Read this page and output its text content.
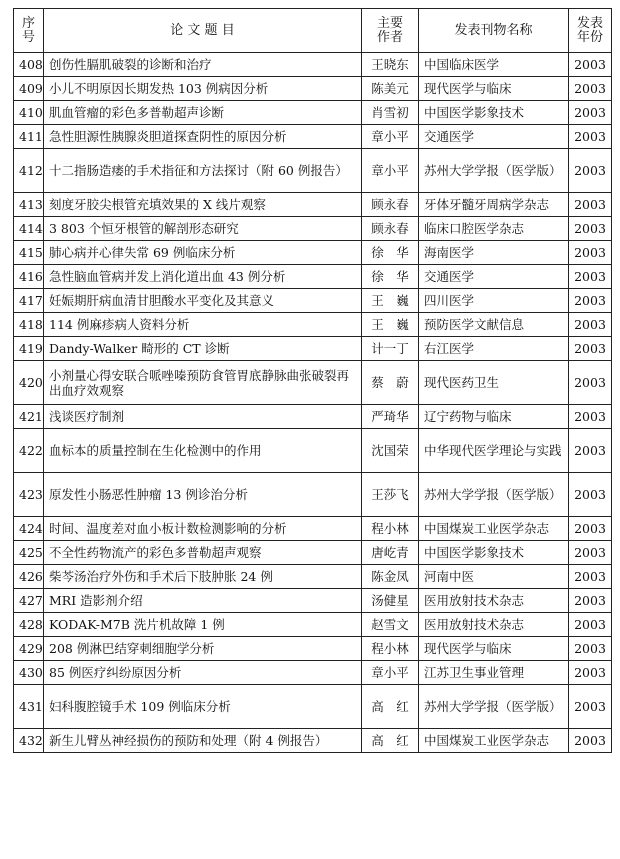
序号	论 文 题 目	主要作者	发表刊物名称	发表年份
408	创伤性膈肌破裂的诊断和治疗	王晓东	中国临床医学	2003
409	小儿不明原因长期发热 103 例病因分析	陈美元	现代医学与临床	2003
410	肌血管瘤的彩色多普勒超声诊断	肖雪初	中国医学影象技术	2003
411	急性胆源性胰腺炎胆道探查阴性的原因分析	章小平	交通医学	2003
412	十二指肠造瘘的手术指征和方法探讨（附 60 例报告）	章小平	苏州大学学报（医学版）	2003
413	刻度牙胶尖根管充填效果的 X 线片观察	顾永春	牙体牙髓牙周病学杂志	2003
414	3 803 个恒牙根管的解剖形态研究	顾永春	临床口腔医学杂志	2003
415	肺心病并心律失常 69 例临床分析	徐　华	海南医学	2003
416	急性脑血管病并发上消化道出血 43 例分析	徐　华	交通医学	2003
417	妊娠期肝病血清甘胆酸水平变化及其意义	王　巍	四川医学	2003
418	114 例麻疹病人资料分析	王　巍	预防医学文献信息	2003
419	Dandy-Walker 畸形的 CT 诊断	计一丁	右江医学	2003
420	小剂量心得安联合哌唑嗪预防食管胃底静脉曲张破裂再出血疗效观察	蔡　蔚	现代医药卫生	2003
421	浅谈医疗制剂	严琦华	辽宁药物与临床	2003
422	血标本的质量控制在生化检测中的作用	沈国荣	中华现代医学理论与实践	2003
423	原发性小肠恶性肿瘤 13 例诊治分析	王莎飞	苏州大学学报（医学版）	2003
424	时间、温度差对血小板计数检测影响的分析	程小林	中国煤炭工业医学杂志	2003
425	不全性药物流产的彩色多普勒超声观察	唐屹青	中国医学影象技术	2003
426	柴芩汤治疗外伤和手术后下肢肿胀 24 例	陈金凤	河南中医	2003
427	MRI 造影剂介绍	汤健星	医用放射技术杂志	2003
428	KODAK-M7B 洗片机故障 1 例	赵雪文	医用放射技术杂志	2003
429	208 例淋巴结穿刺细胞学分析	程小林	现代医学与临床	2003
430	85 例医疗纠纷原因分析	章小平	江苏卫生事业管理	2003
431	妇科腹腔镜手术 109 例临床分析	高　红	苏州大学学报（医学版）	2003
432	新生儿臂丛神经损伤的预防和处理（附 4 例报告）	高　红	中国煤炭工业医学杂志	2003
